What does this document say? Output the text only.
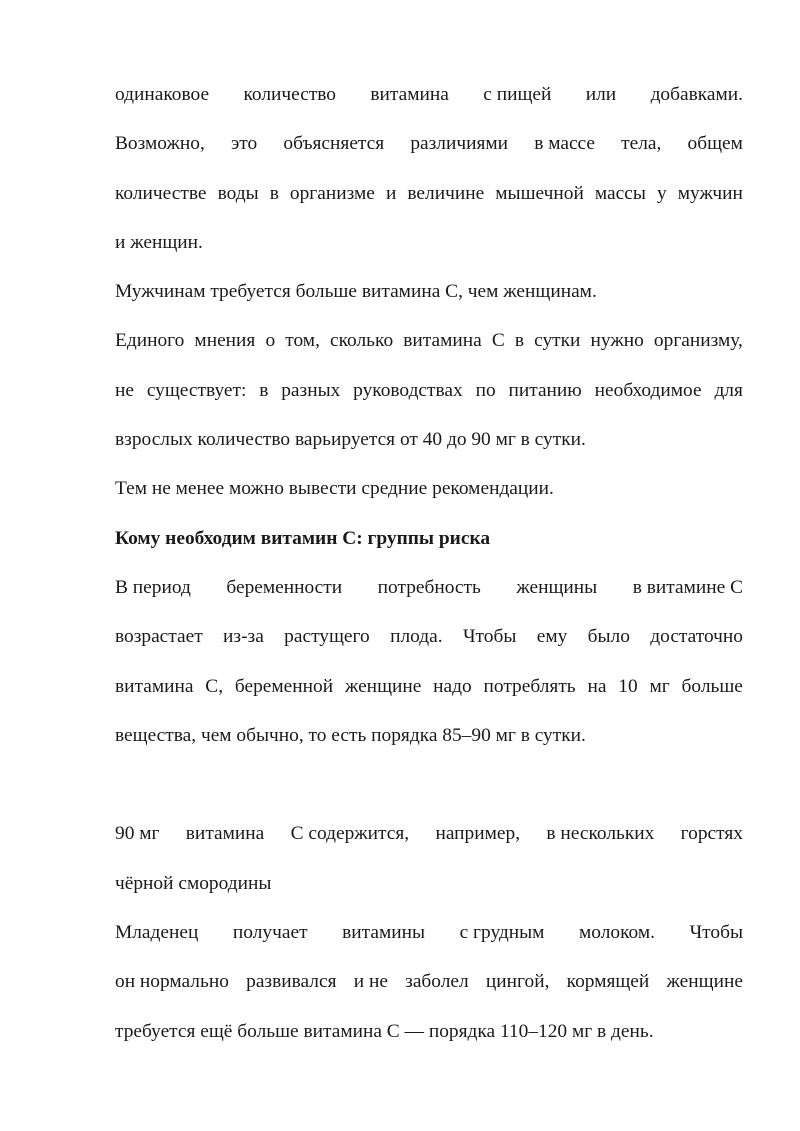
одинаковое количество витамина с пищей или добавками.
Возможно, это объясняется различиями в массе тела, общем
количестве воды в организме и величине мышечной массы у мужчин
и женщин.
Мужчинам требуется больше витамина С, чем женщинам.
Единого мнения о том, сколько витамина С в сутки нужно организму,
не существует: в разных руководствах по питанию необходимое для
взрослых количество варьируется от 40 до 90 мг в сутки.
Тем не менее можно вывести средние рекомендации.
Кому необходим витамин С: группы риска
В период беременности потребность женщины в витамине С
возрастает из-за растущего плода. Чтобы ему было достаточно
витамина С, беременной женщине надо потреблять на 10 мг больше
вещества, чем обычно, то есть порядка 85–90 мг в сутки.
90 мг витамина С содержится, например, в нескольких горстях
чёрной смородины
Младенец получает витамины с грудным молоком. Чтобы
он нормально развивался и не заболел цингой, кормящей женщине
требуется ещё больше витамина С — порядка 110–120 мг в день.
